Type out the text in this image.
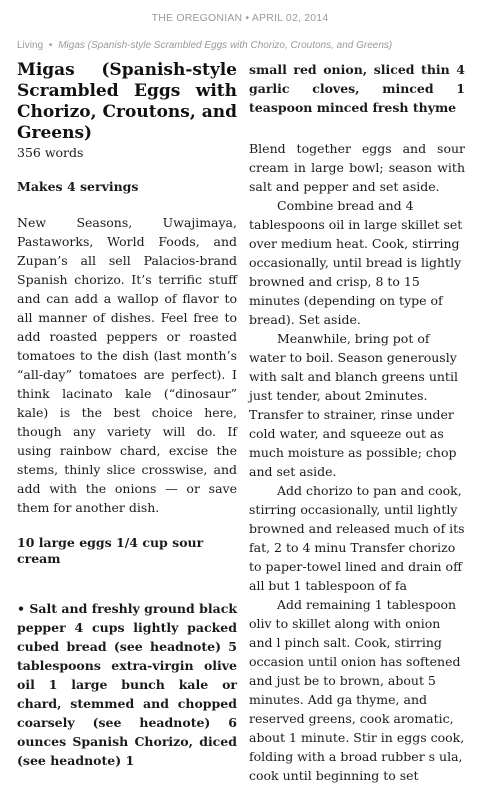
THE OREGONIAN • APRIL 02, 2014
Living • Migas (Spanish-style Scrambled Eggs with Chorizo, Croutons, and Greens)
Migas (Spanish-style Scrambled Eggs with Chorizo, Croutons, and Greens)
356 words

Makes 4 servings

New Seasons, Uwajimaya, Pastaworks, World Foods, and Zupan’s all sell Palacios-brand Spanish chorizo. It’s terrific stuff and can add a wallop of flavor to all manner of dishes. Feel free to add roasted peppers or roasted tomatoes to the dish (last month’s “all-day” tomatoes are perfect). I think lacinato kale (“dinosaur” kale) is the best choice here, though any variety will do. If using rainbow chard, excise the stems, thinly slice crosswise, and add with the onions — or save them for another dish.

10 large eggs 1/4 cup sour cream

• Salt and freshly ground black pepper 4 cups lightly packed cubed bread (see headnote) 5 tablespoons extra-virgin olive oil 1 large bunch kale or chard, stemmed and chopped coarsely (see headnote) 6 ounces Spanish Chorizo, diced (see headnote) 1

small red onion, sliced thin 4 garlic cloves, minced 1 teaspoon minced fresh thyme

Blend together eggs and sour cream in large bowl; season with salt and pepper and set aside.

Combine bread and 4 tablespoons oil in large skillet set over medium heat. Cook, stirring occasionally, until bread is lightly browned and crisp, 8 to 15 minutes (depending on type of bread). Set aside.

Meanwhile, bring pot of water to boil. Season generously with salt and blanch greens until just tender, about 2minutes. Transfer to strainer, rinse under cold water, and squeeze out as much moisture as possible; chop and set aside.

Add chorizo to pan and cook, stirring occasionally, until lightly browned and released much of its fat, 2 to 4 minu Transfer chorizo to paper-towel lined and drain off all but 1 tablespoon of fa

Add remaining 1 tablespoon oliv to skillet along with onion and l pinch salt. Cook, stirring occasion until onion has softened and just be to brown, about 5 minutes. Add ga thyme, and reserved greens, cook aromatic, about 1 minute. Stir in eggs cook, folding with a broad rubber s ula, cook until beginning to set
